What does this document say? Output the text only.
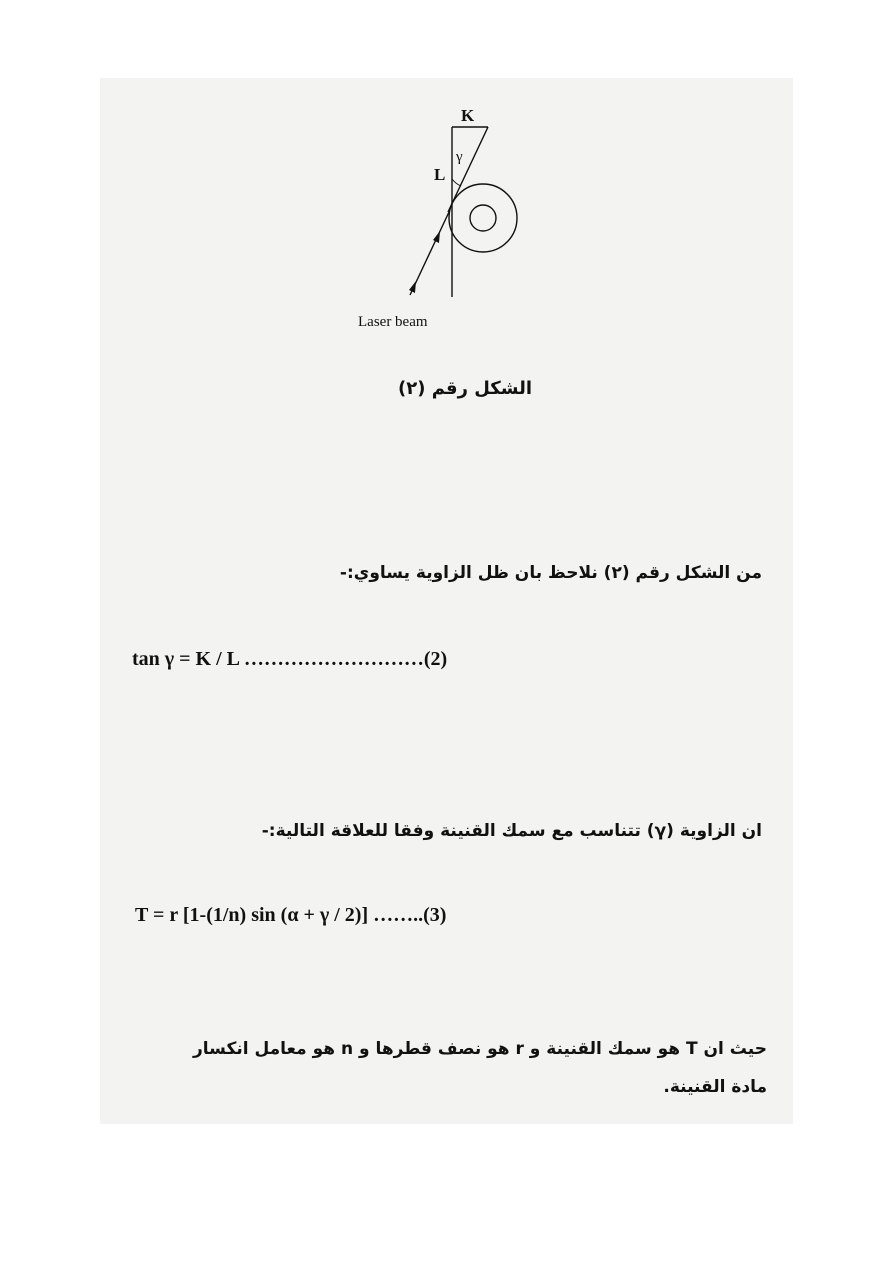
K
γ
L
Laser beam
الشكل رقم (٢)
من الشكل رقم (٢) نلاحظ بان ظل الزاوية يساوي:-
tan γ = K / L ………………………(2)
ان الزاوية (γ) تتناسب مع سمك القنينة وفقا للعلاقة التالية:-
T = r [1-(1/n) sin (α + γ / 2)] ……..(3)
حيث ان T هو سمك القنينة و r هو نصف قطرها و n هو معامل انكسار مادة القنينة.
